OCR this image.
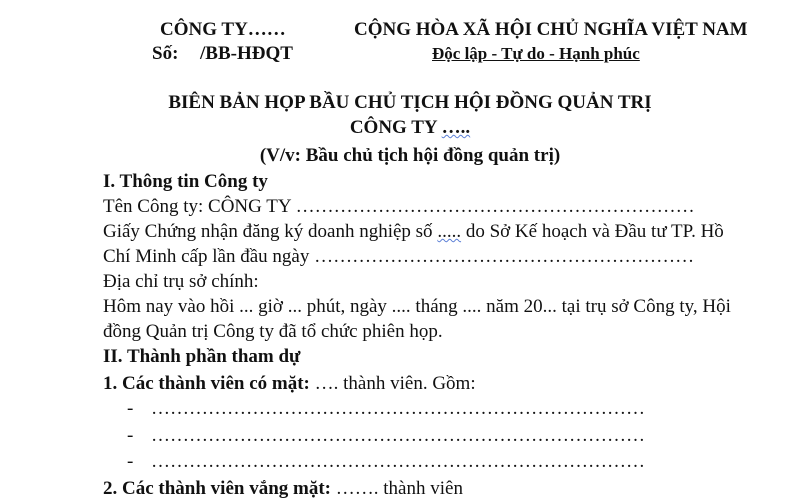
CÔNG TY……	CỘNG HÒA XÃ HỘI CHỦ NGHĨA VIỆT NAM
Số: /BB-HĐQT	Độc lập - Tự do - Hạnh phúc
BIÊN BẢN HỌP BẦU CHỦ TỊCH HỘI ĐỒNG QUẢN TRỊ
CÔNG TY …..
(V/v: Bầu chủ tịch hội đồng quản trị)
I. Thông tin Công ty
Tên Công ty: CÔNG TY ………………………………………………………
Giấy Chứng nhận đăng ký doanh nghiệp số ..... do Sở Kế hoạch và Đầu tư TP. Hồ
Chí Minh cấp lần đầu ngày ……………………………………………………
Địa chỉ trụ sở chính:
Hôm nay vào hồi ... giờ ... phút, ngày .... tháng .... năm 20... tại trụ sở Công ty, Hội
đồng Quản trị Công ty đã tổ chức phiên họp.
II. Thành phần tham dự
1. Các thành viên có mặt: …. thành viên. Gồm:
- ……………………………………………………………………
- ……………………………………………………………………
- ……………………………………………………………………
2. Các thành viên vắng mặt: ……. thành viên
